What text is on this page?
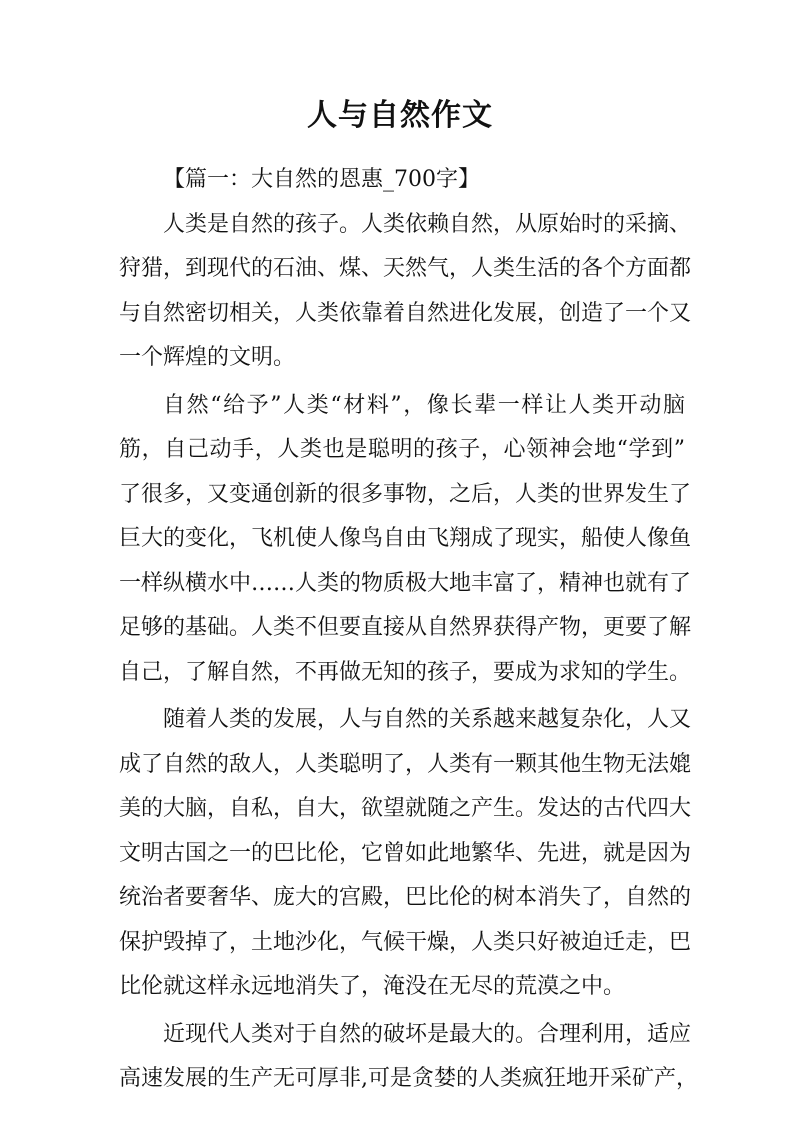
人与自然作文
【篇一：大自然的恩惠_700字】

人类是自然的孩子。人类依赖自然，从原始时的采摘、
狩猎，到现代的石油、煤、天然气，人类生活的各个方面都
与自然密切相关，人类依靠着自然进化发展，创造了一个又
一个辉煌的文明。

自然“给予”人类“材料”，像长辈一样让人类开动脑
筋，自己动手，人类也是聪明的孩子，心领神会地“学到”
了很多，又变通创新的很多事物，之后，人类的世界发生了
巨大的变化，飞机使人像鸟自由飞翔成了现实，船使人像鱼
一样纵横水中……人类的物质极大地丰富了，精神也就有了
足够的基础。人类不但要直接从自然界获得产物，更要了解
自己，了解自然，不再做无知的孩子，要成为求知的学生。

随着人类的发展，人与自然的关系越来越复杂化，人又
成了自然的敌人，人类聪明了，人类有一颗其他生物无法媲
美的大脑，自私，自大，欲望就随之产生。发达的古代四大
文明古国之一的巴比伦，它曾如此地繁华、先进，就是因为
统治者要奢华、庞大的宫殿，巴比伦的树本消失了，自然的
保护毁掉了，土地沙化，气候干燥，人类只好被迫迁走，巴
比伦就这样永远地消失了，淹没在无尽的荒漠之中。

近现代人类对于自然的破坏是最大的。合理利用，适应
高速发展的生产无可厚非,可是贪婪的人类疯狂地开采矿产，
